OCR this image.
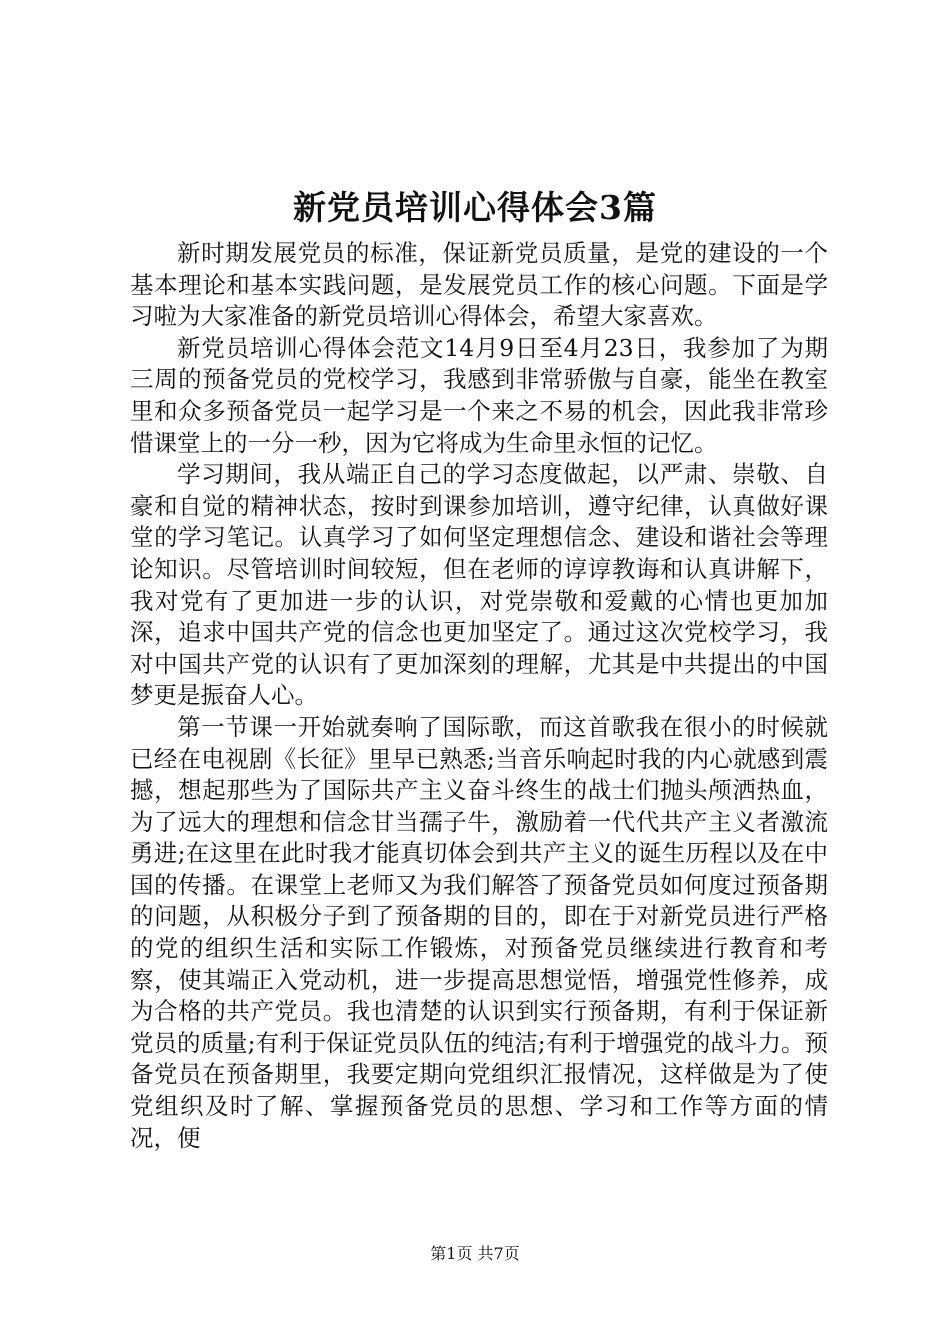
新党员培训心得体会3篇

新时期发展党员的标准，保证新党员质量，是党的建设的一个基本理论和基本实践问题，是发展党员工作的核心问题。下面是学习啦为大家准备的新党员培训心得体会，希望大家喜欢。

新党员培训心得体会范文14月9日至4月23日，我参加了为期三周的预备党员的党校学习，我感到非常骄傲与自豪，能坐在教室里和众多预备党员一起学习是一个来之不易的机会，因此我非常珍惜课堂上的一分一秒，因为它将成为生命里永恒的记忆。

学习期间，我从端正自己的学习态度做起，以严肃、崇敬、自豪和自觉的精神状态，按时到课参加培训，遵守纪律，认真做好课堂的学习笔记。认真学习了如何坚定理想信念、建设和谐社会等理论知识。尽管培训时间较短，但在老师的谆谆教诲和认真讲解下，我对党有了更加进一步的认识，对党崇敬和爱戴的心情也更加加深，追求中国共产党的信念也更加坚定了。通过这次党校学习，我对中国共产党的认识有了更加深刻的理解，尤其是中共提出的中国梦更是振奋人心。

第一节课一开始就奏响了国际歌，而这首歌我在很小的时候就已经在电视剧《长征》里早已熟悉;当音乐响起时我的内心就感到震撼，想起那些为了国际共产主义奋斗终生的战士们抛头颅洒热血，为了远大的理想和信念甘当孺子牛，激励着一代代共产主义者激流勇进;在这里在此时我才能真切体会到共产主义的诞生历程以及在中国的传播。在课堂上老师又为我们解答了预备党员如何度过预备期的问题，从积极分子到了预备期的目的，即在于对新党员进行严格的党的组织生活和实际工作锻炼，对预备党员继续进行教育和考察，使其端正入党动机，进一步提高思想觉悟，增强党性修养，成为合格的共产党员。我也清楚的认识到实行预备期，有利于保证新党员的质量;有利于保证党员队伍的纯洁;有利于增强党的战斗力。预备党员在预备期里，我要定期向党组织汇报情况，这样做是为了使党组织及时了解、掌握预备党员的思想、学习和工作等方面的情况，便

第1页 共7页
